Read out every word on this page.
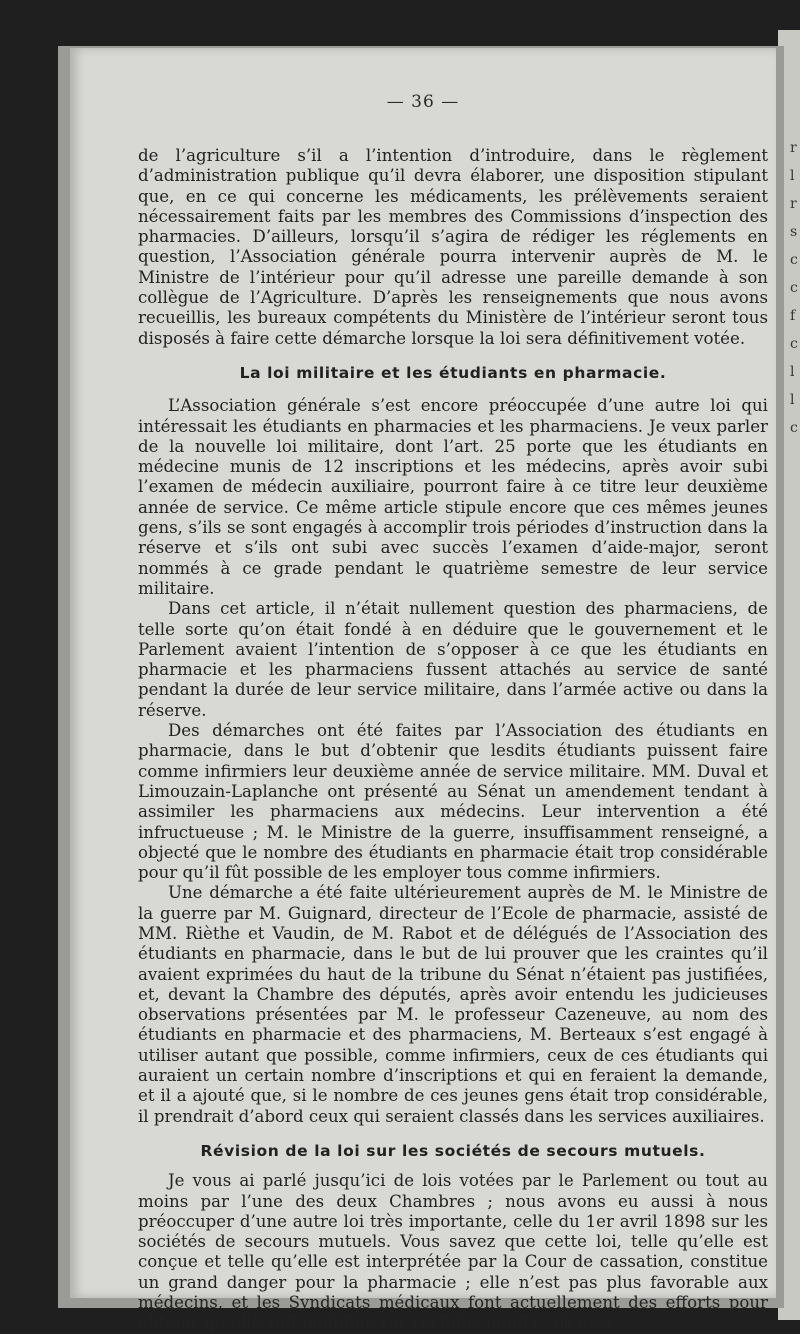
r
l
r
s
c
c
f
c
l
l
c
— 36 —

de l’agriculture s’il a l’intention d’introduire, dans le règlement d’administration publique qu’il devra élaborer, une disposition stipulant que, en ce qui concerne les médicaments, les prélèvements seraient nécessairement faits par les membres des Commissions d’inspection des pharmacies. D’ailleurs, lorsqu’il s’agira de rédiger les réglements en question, l’Association générale pourra intervenir auprès de M. le Ministre de l’intérieur pour qu’il adresse une pareille demande à son collègue de l’Agriculture. D’après les renseignements que nous avons recueillis, les bureaux compétents du Ministère de l’intérieur seront tous disposés à faire cette démarche lorsque la loi sera définitivement votée.

La loi militaire et les étudiants en pharmacie.

L’Association générale s’est encore préoccupée d’une autre loi qui intéressait les étudiants en pharmacies et les pharmaciens. Je veux parler de la nouvelle loi militaire, dont l’art. 25 porte que les étudiants en médecine munis de 12 inscriptions et les médecins, après avoir subi l’examen de médecin auxiliaire, pourront faire à ce titre leur deuxième année de service. Ce même article stipule encore que ces mêmes jeunes gens, s’ils se sont engagés à accomplir trois périodes d’instruction dans la réserve et s’ils ont subi avec succès l’examen d’aide-major, seront nommés à ce grade pendant le quatrième semestre de leur service militaire.

Dans cet article, il n’était nullement question des pharmaciens, de telle sorte qu’on était fondé à en déduire que le gouvernement et le Parlement avaient l’intention de s’opposer à ce que les étudiants en pharmacie et les pharmaciens fussent attachés au service de santé pendant la durée de leur service militaire, dans l’armée active ou dans la réserve.

Des démarches ont été faites par l’Association des étudiants en pharmacie, dans le but d’obtenir que lesdits étudiants puissent faire comme infirmiers leur deuxième année de service militaire. MM. Duval et Limouzain-Laplanche ont présenté au Sénat un amendement tendant à assimiler les pharmaciens aux médecins. Leur intervention a été infructueuse ; M. le Ministre de la guerre, insuffisamment renseigné, a objecté que le nombre des étudiants en pharmacie était trop considérable pour qu’il fût possible de les employer tous comme infirmiers.

Une démarche a été faite ultérieurement auprès de M. le Ministre de la guerre par M. Guignard, directeur de l’Ecole de pharmacie, assisté de MM. Rièthe et Vaudin, de M. Rabot et de délégués de l’Association des étudiants en pharmacie, dans le but de lui prouver que les craintes qu’il avaient exprimées du haut de la tribune du Sénat n’étaient pas justifiées, et, devant la Chambre des députés, après avoir entendu les judicieuses observations présentées par M. le professeur Cazeneuve, au nom des étudiants en pharmacie et des pharmaciens, M. Berteaux s’est engagé à utiliser autant que possible, comme infirmiers, ceux de ces étudiants qui auraient un certain nombre d’inscriptions et qui en feraient la demande, et il a ajouté que, si le nombre de ces jeunes gens était trop considérable, il prendrait d’abord ceux qui seraient classés dans les services auxiliaires.

Révision de la loi sur les sociétés de secours mutuels.

Je vous ai parlé jusqu’ici de lois votées par le Parlement ou tout au moins par l’une des deux Chambres ; nous avons eu aussi à nous préoccuper d’une autre loi très importante, celle du 1er avril 1898 sur les sociétés de secours mutuels. Vous savez que cette loi, telle qu’elle est conçue et telle qu’elle est interprétée par la Cour de cassation, constitue un grand danger pour la pharmacie ; elle n’est pas plus favorable aux médecins, et les Syndicats médicaux font actuellement des efforts pour obtenir qu’elle soit modifiée sur certains points ; ils dési-
